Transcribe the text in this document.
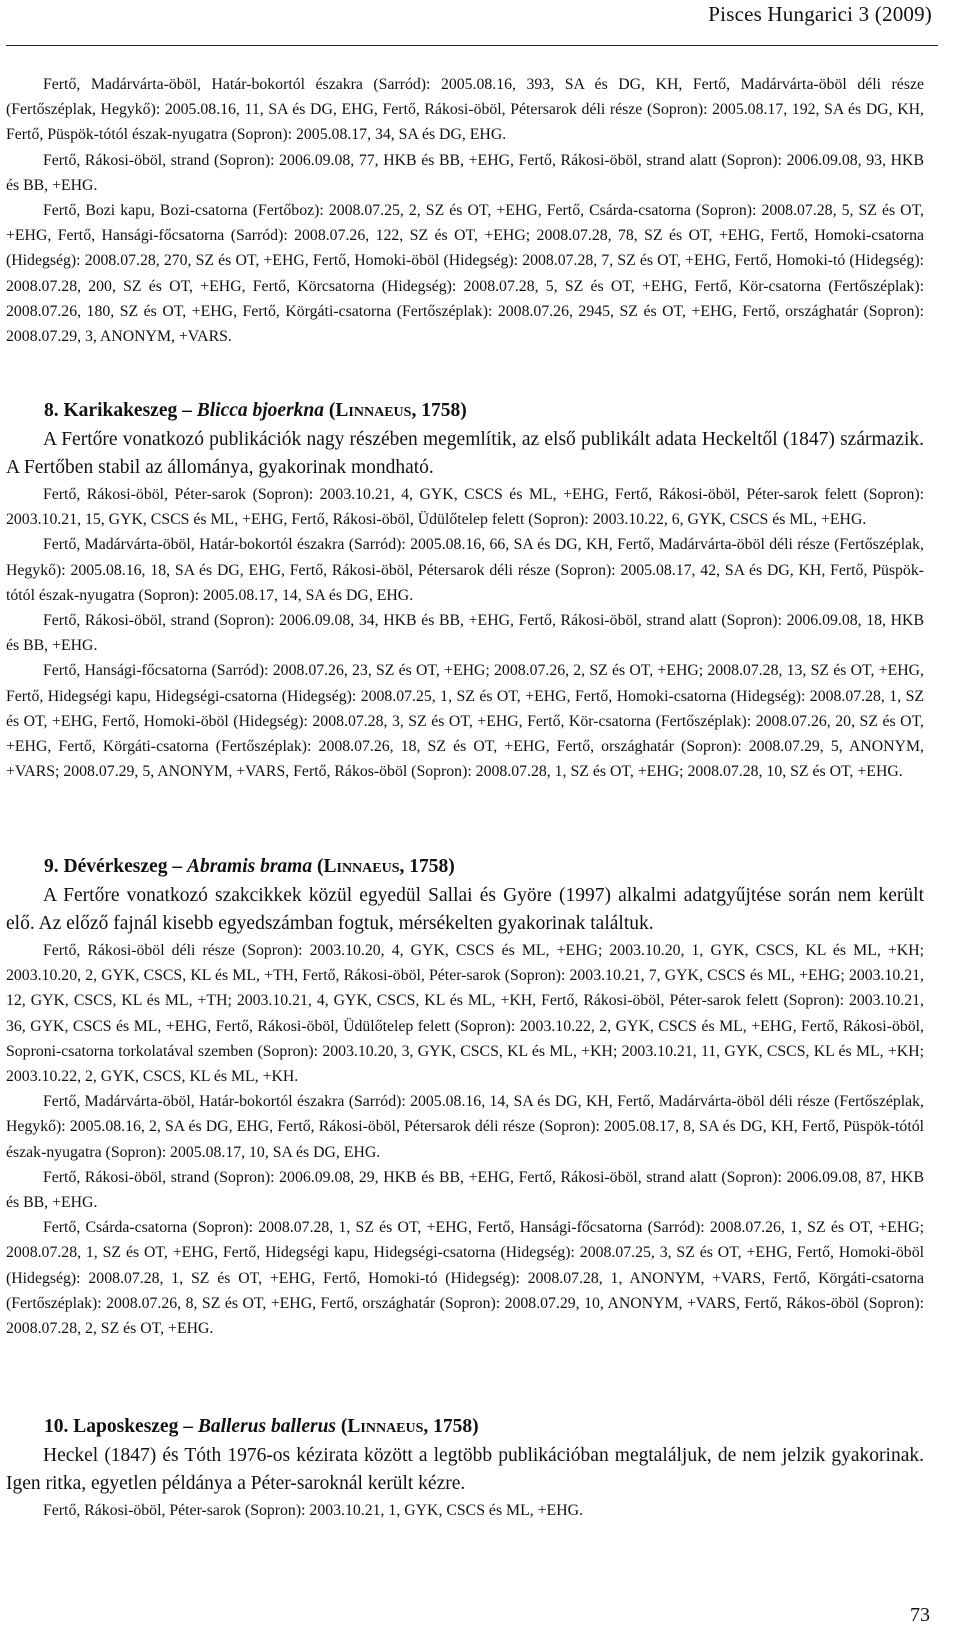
Pisces Hungarici 3 (2009)

Fertő, Madárvárta-öböl, Határ-bokortól északra (Sarród): 2005.08.16, 393, SA és DG, KH, Fertő, Madárvárta-öböl déli része (Fertőszéplak, Hegykő): 2005.08.16, 11, SA és DG, EHG, Fertő, Rákosi-öböl, Pétersarok déli része (Sopron): 2005.08.17, 192, SA és DG, KH, Fertő, Püspök-tótól észak-nyugatra (Sopron): 2005.08.17, 34, SA és DG, EHG.

Fertő, Rákosi-öböl, strand (Sopron): 2006.09.08, 77, HKB és BB, +EHG, Fertő, Rákosi-öböl, strand alatt (Sopron): 2006.09.08, 93, HKB és BB, +EHG.

Fertő, Bozi kapu, Bozi-csatorna (Fertőboz): 2008.07.25, 2, SZ és OT, +EHG, Fertő, Csárda-csatorna (Sopron): 2008.07.28, 5, SZ és OT, +EHG, Fertő, Hansági-főcsatorna (Sarród): 2008.07.26, 122, SZ és OT, +EHG; 2008.07.28, 78, SZ és OT, +EHG, Fertő, Homoki-csatorna (Hidegség): 2008.07.28, 270, SZ és OT, +EHG, Fertő, Homoki-öböl (Hidegség): 2008.07.28, 7, SZ és OT, +EHG, Fertő, Homoki-tó (Hidegség): 2008.07.28, 200, SZ és OT, +EHG, Fertő, Körcsatorna (Hidegség): 2008.07.28, 5, SZ és OT, +EHG, Fertő, Kör-csatorna (Fertőszéplak): 2008.07.26, 180, SZ és OT, +EHG, Fertő, Körgáti-csatorna (Fertőszéplak): 2008.07.26, 2945, SZ és OT, +EHG, Fertő, országhatár (Sopron): 2008.07.29, 3, ANONYM, +VARS.

8. Karikakeszeg – Blicca bjoerkna (Linnaeus, 1758)

A Fertőre vonatkozó publikációk nagy részében megemlítik, az első publikált adata Heckeltől (1847) származik. A Fertőben stabil az állománya, gyakorinak mondható.

Fertő, Rákosi-öböl, Péter-sarok (Sopron): 2003.10.21, 4, GYK, CSCS és ML, +EHG, Fertő, Rákosi-öböl, Péter-sarok felett (Sopron): 2003.10.21, 15, GYK, CSCS és ML, +EHG, Fertő, Rákosi-öböl, Üdülőtelep felett (Sopron): 2003.10.22, 6, GYK, CSCS és ML, +EHG.

Fertő, Madárvárta-öböl, Határ-bokortól északra (Sarród): 2005.08.16, 66, SA és DG, KH, Fertő, Madárvárta-öböl déli része (Fertőszéplak, Hegykő): 2005.08.16, 18, SA és DG, EHG, Fertő, Rákosi-öböl, Pétersarok déli része (Sopron): 2005.08.17, 42, SA és DG, KH, Fertő, Püspök-tótól észak-nyugatra (Sopron): 2005.08.17, 14, SA és DG, EHG.

Fertő, Rákosi-öböl, strand (Sopron): 2006.09.08, 34, HKB és BB, +EHG, Fertő, Rákosi-öböl, strand alatt (Sopron): 2006.09.08, 18, HKB és BB, +EHG.

Fertő, Hansági-főcsatorna (Sarród): 2008.07.26, 23, SZ és OT, +EHG; 2008.07.26, 2, SZ és OT, +EHG; 2008.07.28, 13, SZ és OT, +EHG, Fertő, Hidegségi kapu, Hidegségi-csatorna (Hidegség): 2008.07.25, 1, SZ és OT, +EHG, Fertő, Homoki-csatorna (Hidegség): 2008.07.28, 1, SZ és OT, +EHG, Fertő, Homoki-öböl (Hidegség): 2008.07.28, 3, SZ és OT, +EHG, Fertő, Kör-csatorna (Fertőszéplak): 2008.07.26, 20, SZ és OT, +EHG, Fertő, Körgáti-csatorna (Fertőszéplak): 2008.07.26, 18, SZ és OT, +EHG, Fertő, országhatár (Sopron): 2008.07.29, 5, ANONYM, +VARS; 2008.07.29, 5, ANONYM, +VARS, Fertő, Rákos-öböl (Sopron): 2008.07.28, 1, SZ és OT, +EHG; 2008.07.28, 10, SZ és OT, +EHG.

9. Dévérkeszeg – Abramis brama (Linnaeus, 1758)

A Fertőre vonatkozó szakcikkek közül egyedül Sallai és Györe (1997) alkalmi adatgyűjtése során nem került elő. Az előző fajnál kisebb egyedszámban fogtuk, mérsékelten gyakorinak találtuk.

Fertő, Rákosi-öböl déli része (Sopron): 2003.10.20, 4, GYK, CSCS és ML, +EHG; 2003.10.20, 1, GYK, CSCS, KL és ML, +KH; 2003.10.20, 2, GYK, CSCS, KL és ML, +TH, Fertő, Rákosi-öböl, Péter-sarok (Sopron): 2003.10.21, 7, GYK, CSCS és ML, +EHG; 2003.10.21, 12, GYK, CSCS, KL és ML, +TH; 2003.10.21, 4, GYK, CSCS, KL és ML, +KH, Fertő, Rákosi-öböl, Péter-sarok felett (Sopron): 2003.10.21, 36, GYK, CSCS és ML, +EHG, Fertő, Rákosi-öböl, Üdülőtelep felett (Sopron): 2003.10.22, 2, GYK, CSCS és ML, +EHG, Fertő, Rákosi-öböl, Soproni-csatorna torkolatával szemben (Sopron): 2003.10.20, 3, GYK, CSCS, KL és ML, +KH; 2003.10.21, 11, GYK, CSCS, KL és ML, +KH; 2003.10.22, 2, GYK, CSCS, KL és ML, +KH.

Fertő, Madárvárta-öböl, Határ-bokortól északra (Sarród): 2005.08.16, 14, SA és DG, KH, Fertő, Madárvárta-öböl déli része (Fertőszéplak, Hegykő): 2005.08.16, 2, SA és DG, EHG, Fertő, Rákosi-öböl, Pétersarok déli része (Sopron): 2005.08.17, 8, SA és DG, KH, Fertő, Püspök-tótól észak-nyugatra (Sopron): 2005.08.17, 10, SA és DG, EHG.

Fertő, Rákosi-öböl, strand (Sopron): 2006.09.08, 29, HKB és BB, +EHG, Fertő, Rákosi-öböl, strand alatt (Sopron): 2006.09.08, 87, HKB és BB, +EHG.

Fertő, Csárda-csatorna (Sopron): 2008.07.28, 1, SZ és OT, +EHG, Fertő, Hansági-főcsatorna (Sarród): 2008.07.26, 1, SZ és OT, +EHG; 2008.07.28, 1, SZ és OT, +EHG, Fertő, Hidegségi kapu, Hidegségi-csatorna (Hidegség): 2008.07.25, 3, SZ és OT, +EHG, Fertő, Homoki-öböl (Hidegség): 2008.07.28, 1, SZ és OT, +EHG, Fertő, Homoki-tó (Hidegség): 2008.07.28, 1, ANONYM, +VARS, Fertő, Körgáti-csatorna (Fertőszéplak): 2008.07.26, 8, SZ és OT, +EHG, Fertő, országhatár (Sopron): 2008.07.29, 10, ANONYM, +VARS, Fertő, Rákos-öböl (Sopron): 2008.07.28, 2, SZ és OT, +EHG.

10. Laposkeszeg – Ballerus ballerus (Linnaeus, 1758)

Heckel (1847) és Tóth 1976-os kézirata között a legtöbb publikációban megtaláljuk, de nem jelzik gyakorinak. Igen ritka, egyetlen példánya a Péter-saroknál került kézre.

Fertő, Rákosi-öböl, Péter-sarok (Sopron): 2003.10.21, 1, GYK, CSCS és ML, +EHG.

73
